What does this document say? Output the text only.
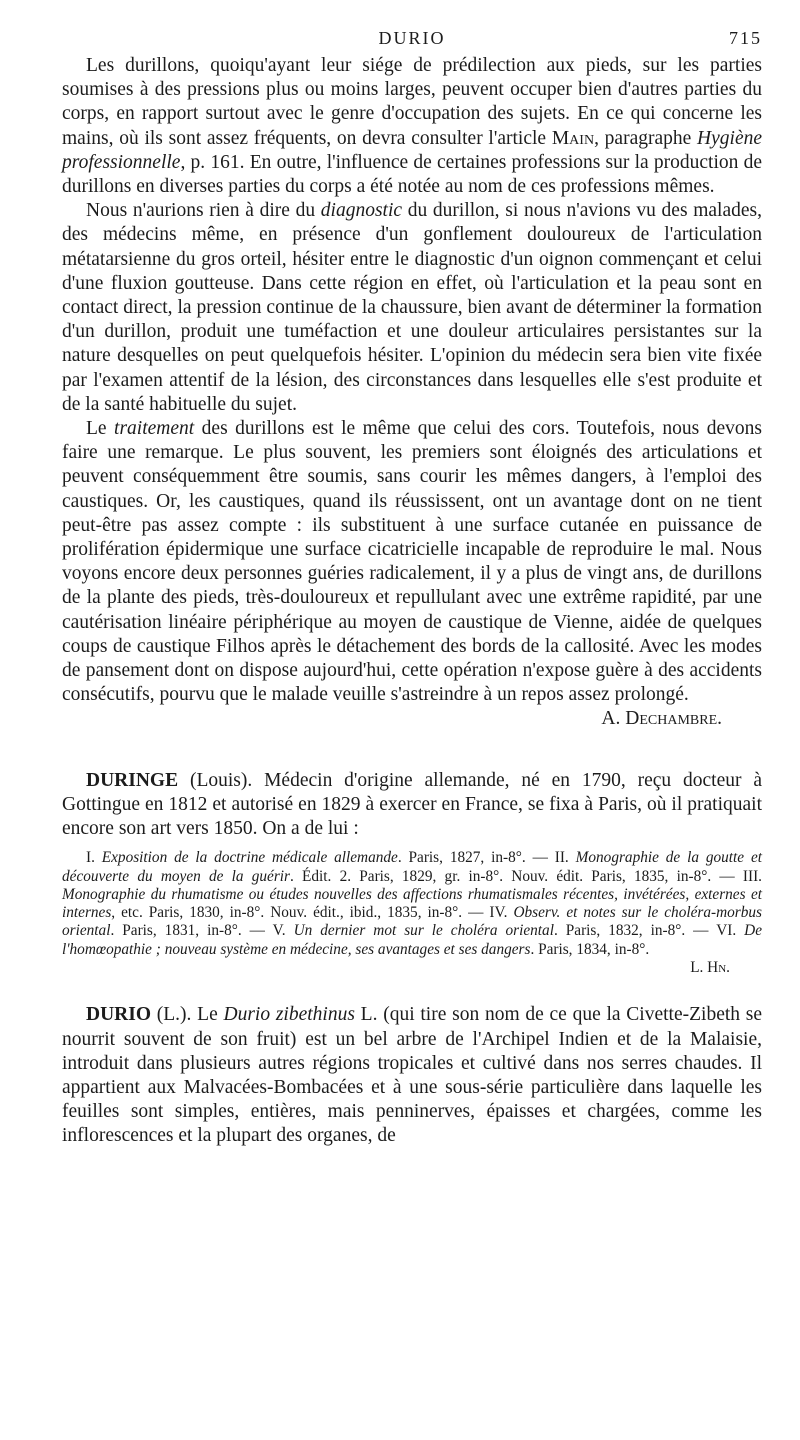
DURIO	715

Les durillons, quoiqu'ayant leur siége de prédilection aux pieds, sur les parties soumises à des pressions plus ou moins larges, peuvent occuper bien d'autres parties du corps, en rapport surtout avec le genre d'occupation des sujets. En ce qui concerne les mains, où ils sont assez fréquents, on devra consulter l'article Main, paragraphe Hygiène professionnelle, p. 161. En outre, l'influence de certaines professions sur la production de durillons en diverses parties du corps a été notée au nom de ces professions mêmes.

Nous n'aurions rien à dire du diagnostic du durillon, si nous n'avions vu des malades, des médecins même, en présence d'un gonflement douloureux de l'articulation métatarsienne du gros orteil, hésiter entre le diagnostic d'un oignon commençant et celui d'une fluxion goutteuse. Dans cette région en effet, où l'articulation et la peau sont en contact direct, la pression continue de la chaussure, bien avant de déterminer la formation d'un durillon, produit une tuméfaction et une douleur articulaires persistantes sur la nature desquelles on peut quelquefois hésiter. L'opinion du médecin sera bien vite fixée par l'examen attentif de la lésion, des circonstances dans lesquelles elle s'est produite et de la santé habituelle du sujet.

Le traitement des durillons est le même que celui des cors. Toutefois, nous devons faire une remarque. Le plus souvent, les premiers sont éloignés des articulations et peuvent conséquemment être soumis, sans courir les mêmes dangers, à l'emploi des caustiques. Or, les caustiques, quand ils réussissent, ont un avantage dont on ne tient peut-être pas assez compte : ils substituent à une surface cutanée en puissance de prolifération épidermique une surface cicatricielle incapable de reproduire le mal. Nous voyons encore deux personnes guéries radicalement, il y a plus de vingt ans, de durillons de la plante des pieds, très-douloureux et repullulant avec une extrême rapidité, par une cautérisation linéaire périphérique au moyen de caustique de Vienne, aidée de quelques coups de caustique Filhos après le détachement des bords de la callosité. Avec les modes de pansement dont on dispose aujourd'hui, cette opération n'expose guère à des accidents consécutifs, pourvu que le malade veuille s'astreindre à un repos assez prolongé.

A. Dechambre.

DURINGE (Louis). Médecin d'origine allemande, né en 1790, reçu docteur à Gottingue en 1812 et autorisé en 1829 à exercer en France, se fixa à Paris, où il pratiquait encore son art vers 1850. On a de lui :

I. Exposition de la doctrine médicale allemande. Paris, 1827, in-8°. — II. Monographie de la goutte et découverte du moyen de la guérir. Édit. 2. Paris, 1829, gr. in-8°. Nouv. édit. Paris, 1835, in-8°. — III. Monographie du rhumatisme ou études nouvelles des affections rhumatismales récentes, invétérées, externes et internes, etc. Paris, 1830, in-8°. Nouv. édit., ibid., 1835, in-8°. — IV. Observ. et notes sur le choléra-morbus oriental. Paris, 1831, in-8°. — V. Un dernier mot sur le choléra oriental. Paris, 1832, in-8°. — VI. De l'homœopathie ; nouveau système en médecine, ses avantages et ses dangers. Paris, 1834, in-8°.

L. Hn.

DURIO (L.). Le Durio zibethinus L. (qui tire son nom de ce que la Civette-Zibeth se nourrit souvent de son fruit) est un bel arbre de l'Archipel Indien et de la Malaisie, introduit dans plusieurs autres régions tropicales et cultivé dans nos serres chaudes. Il appartient aux Malvacées-Bombacées et à une sous-série particulière dans laquelle les feuilles sont simples, entières, mais penninerves, épaisses et chargées, comme les inflorescences et la plupart des organes, de
